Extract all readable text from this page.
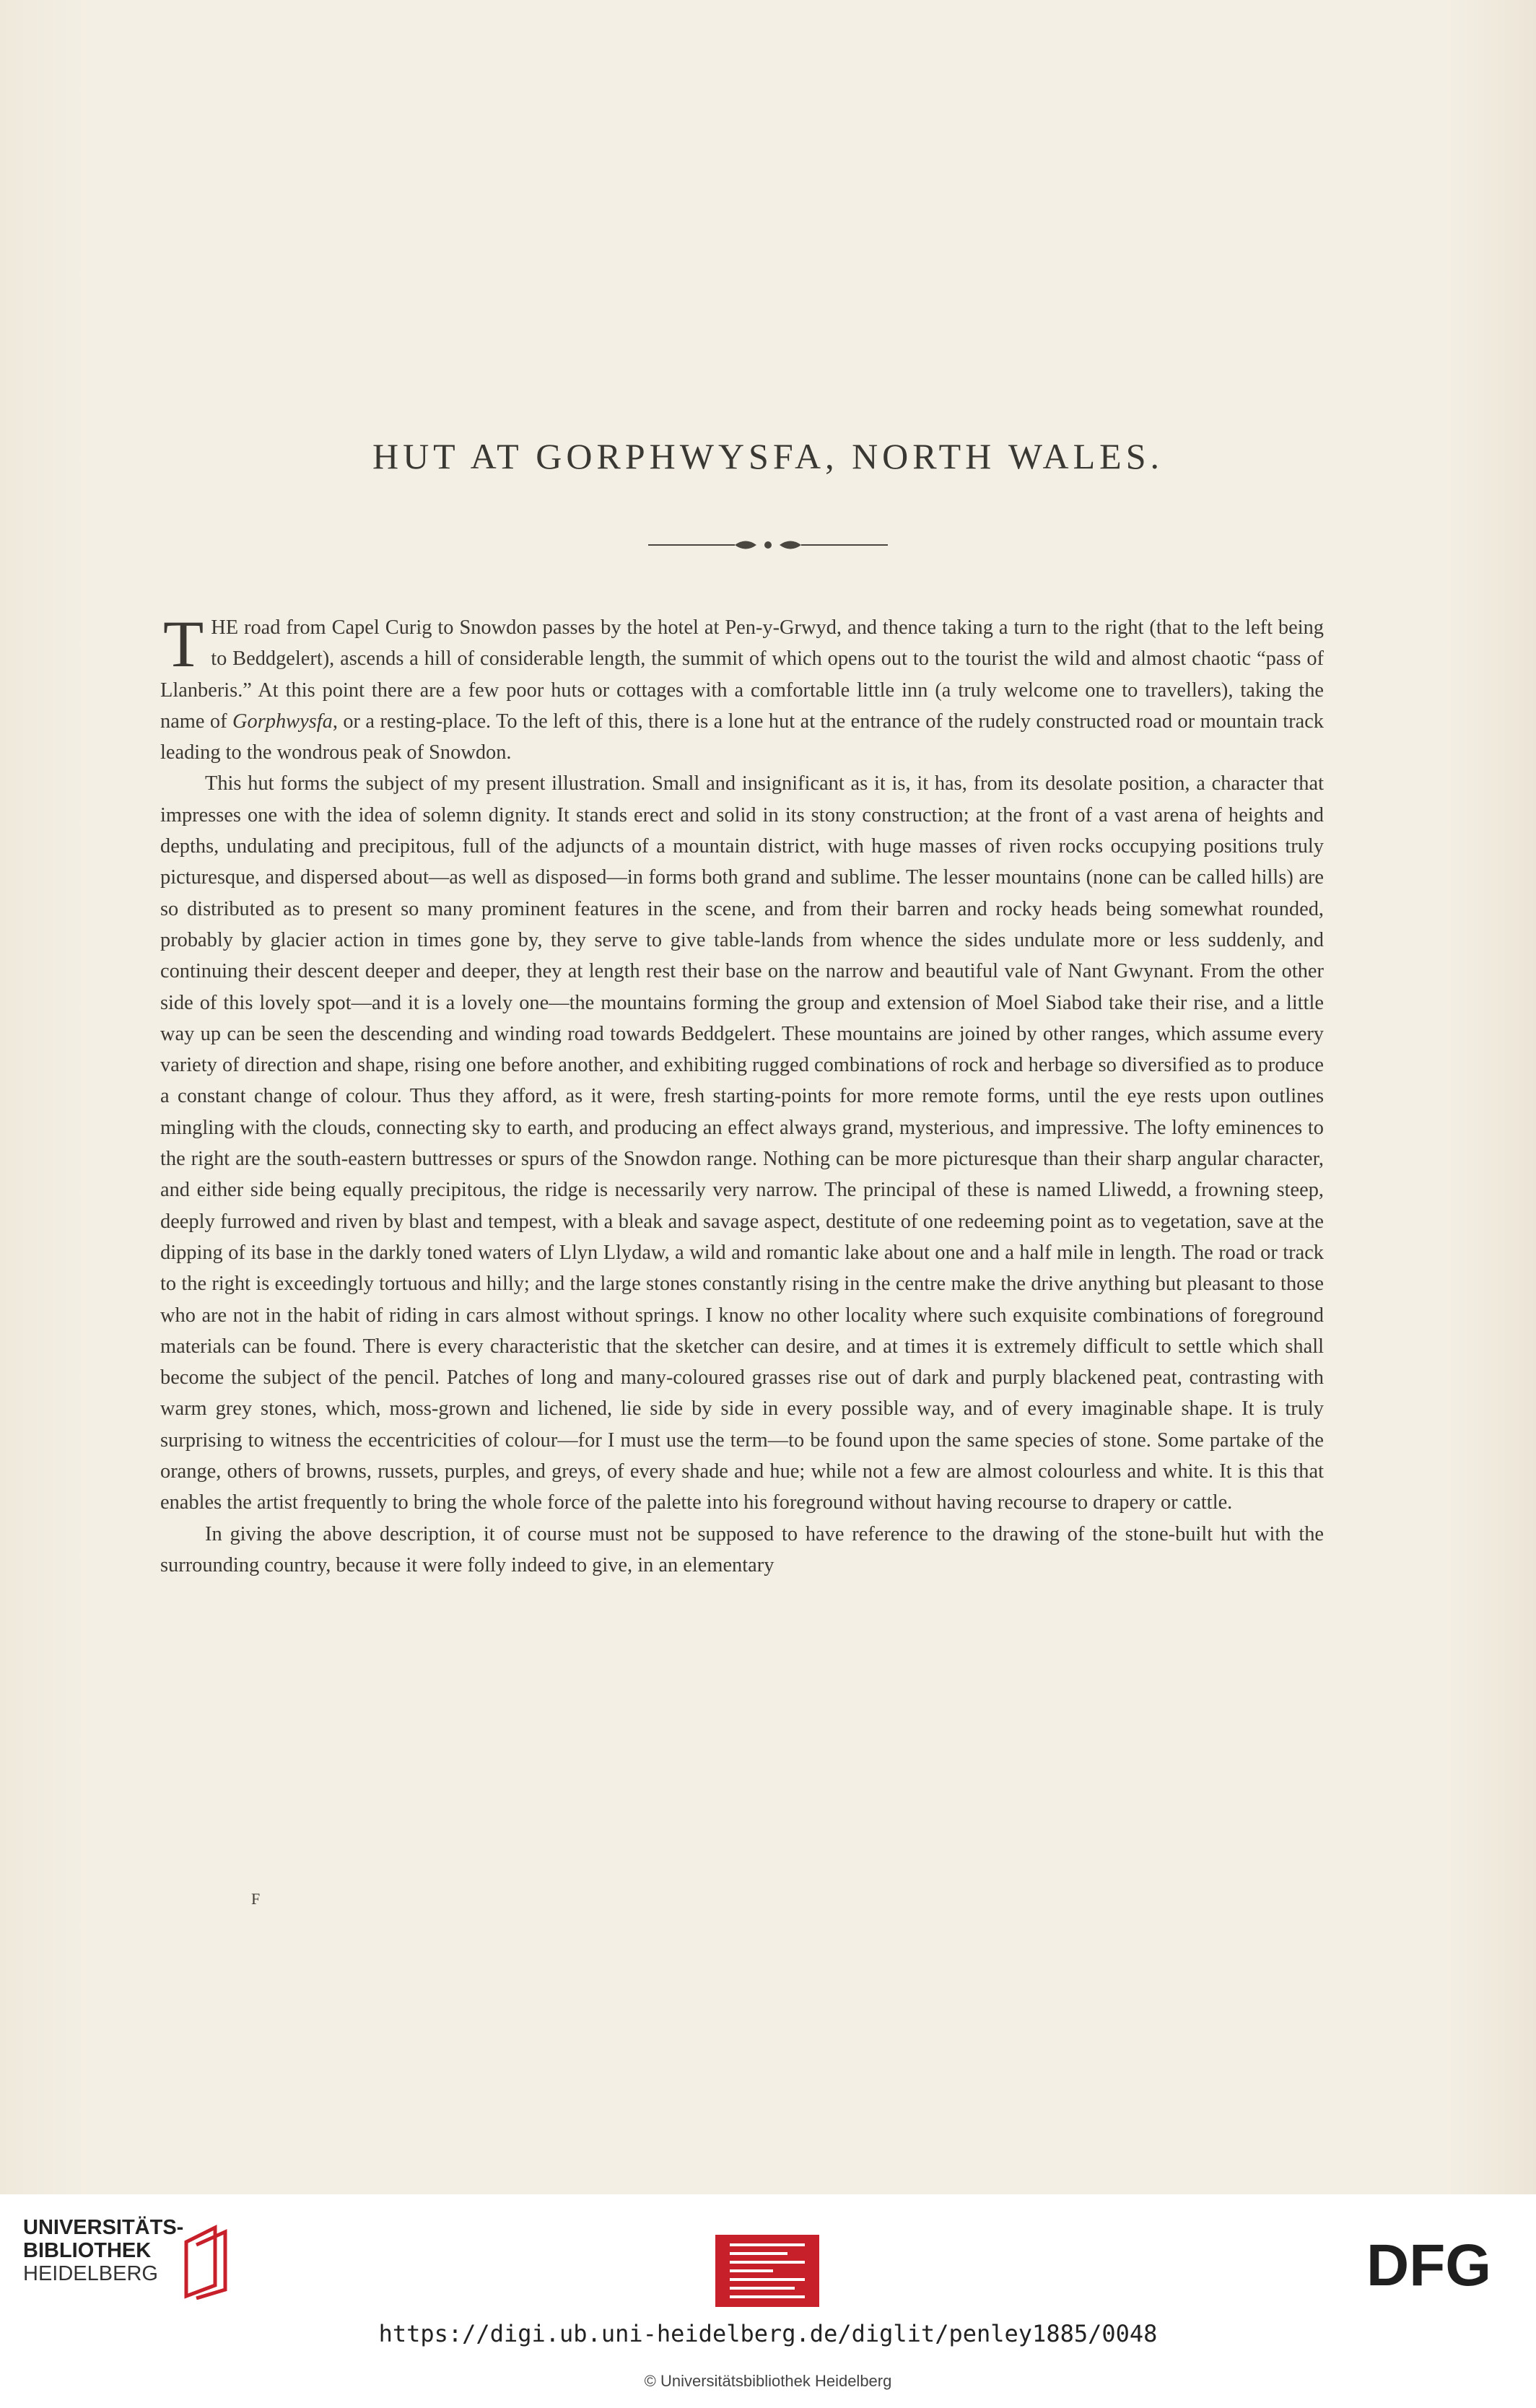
HUT AT GORPHWYSFA, NORTH WALES.

THE road from Capel Curig to Snowdon passes by the hotel at Pen-y-Grwyd, and thence taking a turn to the right (that to the left being to Beddgelert), ascends a hill of considerable length, the summit of which opens out to the tourist the wild and almost chaotic “pass of Llanberis.” At this point there are a few poor huts or cottages with a comfortable little inn (a truly welcome one to travellers), taking the name of Gorphwysfa, or a resting-place. To the left of this, there is a lone hut at the entrance of the rudely constructed road or mountain track leading to the wondrous peak of Snowdon.

This hut forms the subject of my present illustration. Small and insignificant as it is, it has, from its desolate position, a character that impresses one with the idea of solemn dignity. It stands erect and solid in its stony construction; at the front of a vast arena of heights and depths, undulating and precipitous, full of the adjuncts of a mountain district, with huge masses of riven rocks occupying positions truly picturesque, and dispersed about—as well as disposed—in forms both grand and sublime. The lesser mountains (none can be called hills) are so distributed as to present so many prominent features in the scene, and from their barren and rocky heads being somewhat rounded, probably by glacier action in times gone by, they serve to give table-lands from whence the sides undulate more or less suddenly, and continuing their descent deeper and deeper, they at length rest their base on the narrow and beautiful vale of Nant Gwynant. From the other side of this lovely spot—and it is a lovely one—the mountains forming the group and extension of Moel Siabod take their rise, and a little way up can be seen the descending and winding road towards Beddgelert. These mountains are joined by other ranges, which assume every variety of direction and shape, rising one before another, and exhibiting rugged combinations of rock and herbage so diversified as to produce a constant change of colour. Thus they afford, as it were, fresh starting-points for more remote forms, until the eye rests upon outlines mingling with the clouds, connecting sky to earth, and producing an effect always grand, mysterious, and impressive. The lofty eminences to the right are the south-eastern buttresses or spurs of the Snowdon range. Nothing can be more picturesque than their sharp angular character, and either side being equally precipitous, the ridge is necessarily very narrow. The principal of these is named Lliwedd, a frowning steep, deeply furrowed and riven by blast and tempest, with a bleak and savage aspect, destitute of one redeeming point as to vegetation, save at the dipping of its base in the darkly toned waters of Llyn Llydaw, a wild and romantic lake about one and a half mile in length. The road or track to the right is exceedingly tortuous and hilly; and the large stones constantly rising in the centre make the drive anything but pleasant to those who are not in the habit of riding in cars almost without springs. I know no other locality where such exquisite combinations of foreground materials can be found. There is every characteristic that the sketcher can desire, and at times it is extremely difficult to settle which shall become the subject of the pencil. Patches of long and many-coloured grasses rise out of dark and purply blackened peat, contrasting with warm grey stones, which, moss-grown and lichened, lie side by side in every possible way, and of every imaginable shape. It is truly surprising to witness the eccentricities of colour—for I must use the term—to be found upon the same species of stone. Some partake of the orange, others of browns, russets, purples, and greys, of every shade and hue; while not a few are almost colourless and white. It is this that enables the artist frequently to bring the whole force of the palette into his foreground without having recourse to drapery or cattle.

In giving the above description, it of course must not be supposed to have reference to the drawing of the stone-built hut with the surrounding country, because it were folly indeed to give, in an elementary

F
UNIVERSITÄTS-
BIBLIOTHEK
HEIDELBERG	DFG
https://digi.ub.uni-heidelberg.de/diglit/penley1885/0048
© Universitätsbibliothek Heidelberg
